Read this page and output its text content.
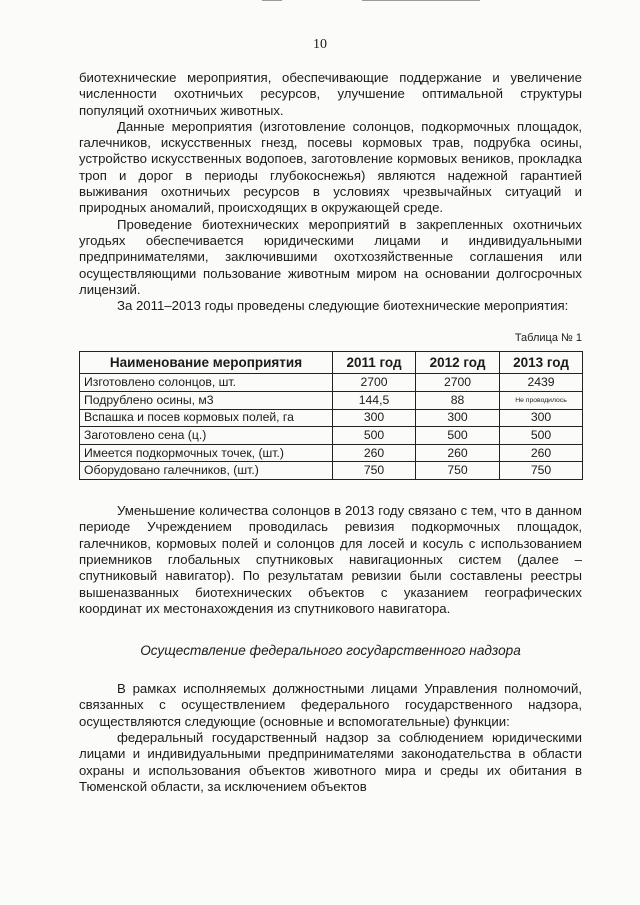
10

биотехнические мероприятия, обеспечивающие поддержание и увеличение численности охотничьих ресурсов, улучшение оптимальной структуры популяций охотничьих животных.

Данные мероприятия (изготовление солонцов, подкормочных площадок, галечников, искусственных гнезд, посевы кормовых трав, подрубка осины, устройство искусственных водопоев, заготовление кормовых веников, прокладка троп и дорог в периоды глубокоснежья) являются надежной гарантией выживания охотничьих ресурсов в условиях чрезвычайных ситуаций и природных аномалий, происходящих в окружающей среде.

Проведение биотехнических мероприятий в закрепленных охотничьих угодьях обеспечивается юридическими лицами и индивидуальными предпринимателями, заключившими охотхозяйственные соглашения или осуществляющими пользование животным миром на основании долгосрочных лицензий.

За 2011–2013 годы проведены следующие биотехнические мероприятия:

Таблица № 1
Наименование мероприятия	2011 год	2012 год	2013 год
Изготовлено солонцов, шт.	2700	2700	2439
Подрублено осины, м3	144,5	88	Не проводилось
Вспашка и посев кормовых полей, га	300	300	300
Заготовлено сена (ц.)	500	500	500
Имеется подкормочных точек, (шт.)	260	260	260
Оборудовано галечников, (шт.)	750	750	750

Уменьшение количества солонцов в 2013 году связано с тем, что в данном периоде Учреждением проводилась ревизия подкормочных площадок, галечников, кормовых полей и солонцов для лосей и косуль с использованием приемников глобальных спутниковых навигационных систем (далее – спутниковый навигатор). По результатам ревизии были составлены реестры вышеназванных биотехнических объектов с указанием географических координат их местонахождения из спутникового навигатора.

Осуществление федерального государственного надзора

В рамках исполняемых должностными лицами Управления полномочий, связанных с осуществлением федерального государственного надзора, осуществляются следующие (основные и вспомогательные) функции:

федеральный государственный надзор за соблюдением юридическими лицами и индивидуальными предпринимателями законодательства в области охраны и использования объектов животного мира и среды их обитания в Тюменской области, за исключением объектов
